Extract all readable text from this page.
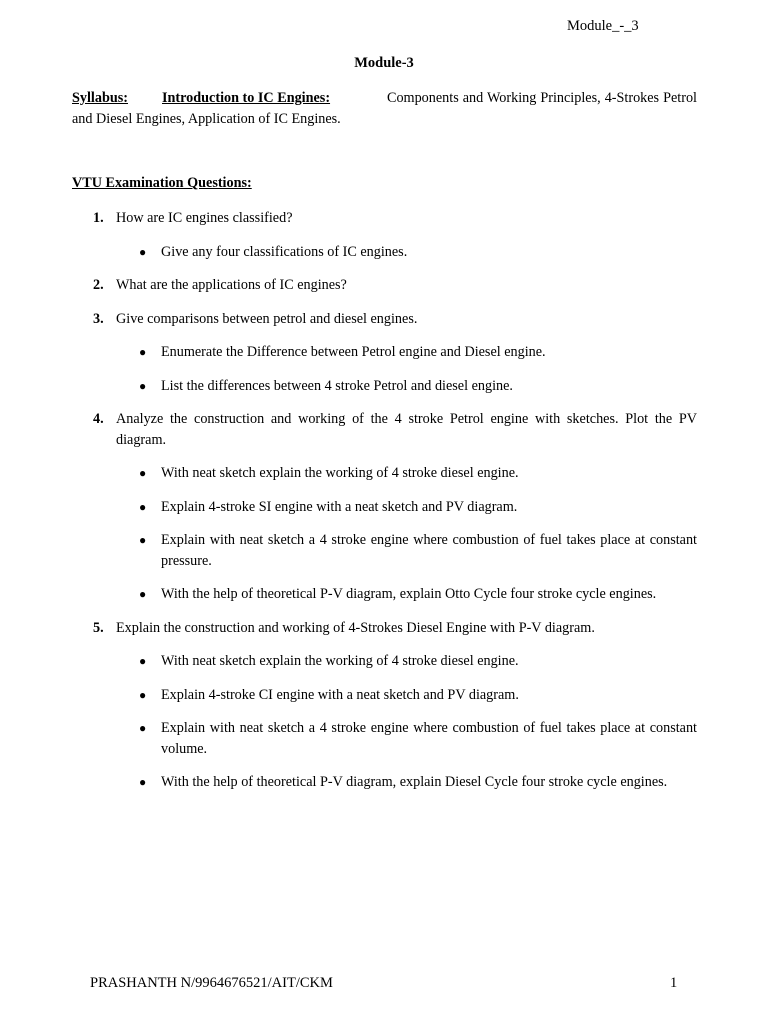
Module_-_3
Module-3
Syllabus: Introduction to IC Engines:	Components and Working Principles, 4-Strokes Petrol and Diesel Engines, Application of IC Engines.
VTU Examination Questions:
1. How are IC engines classified?
● Give any four classifications of IC engines.
2. What are the applications of IC engines?
3. Give comparisons between petrol and diesel engines.
● Enumerate the Difference between Petrol engine and Diesel engine.
● List the differences between 4 stroke Petrol and diesel engine.
4. Analyze the construction and working of the 4 stroke Petrol engine with sketches. Plot the PV diagram.
● With neat sketch explain the working of 4 stroke diesel engine.
● Explain 4-stroke SI engine with a neat sketch and PV diagram.
● Explain with neat sketch a 4 stroke engine where combustion of fuel takes place at constant pressure.
● With the help of theoretical P-V diagram, explain Otto Cycle four stroke cycle engines.
5. Explain the construction and working of 4-Strokes Diesel Engine with P-V diagram.
● With neat sketch explain the working of 4 stroke diesel engine.
● Explain 4-stroke CI engine with a neat sketch and PV diagram.
● Explain with neat sketch a 4 stroke engine where combustion of fuel takes place at constant volume.
● With the help of theoretical P-V diagram, explain Diesel Cycle four stroke cycle engines.
PRASHANTH N/9964676521/AIT/CKM	1
